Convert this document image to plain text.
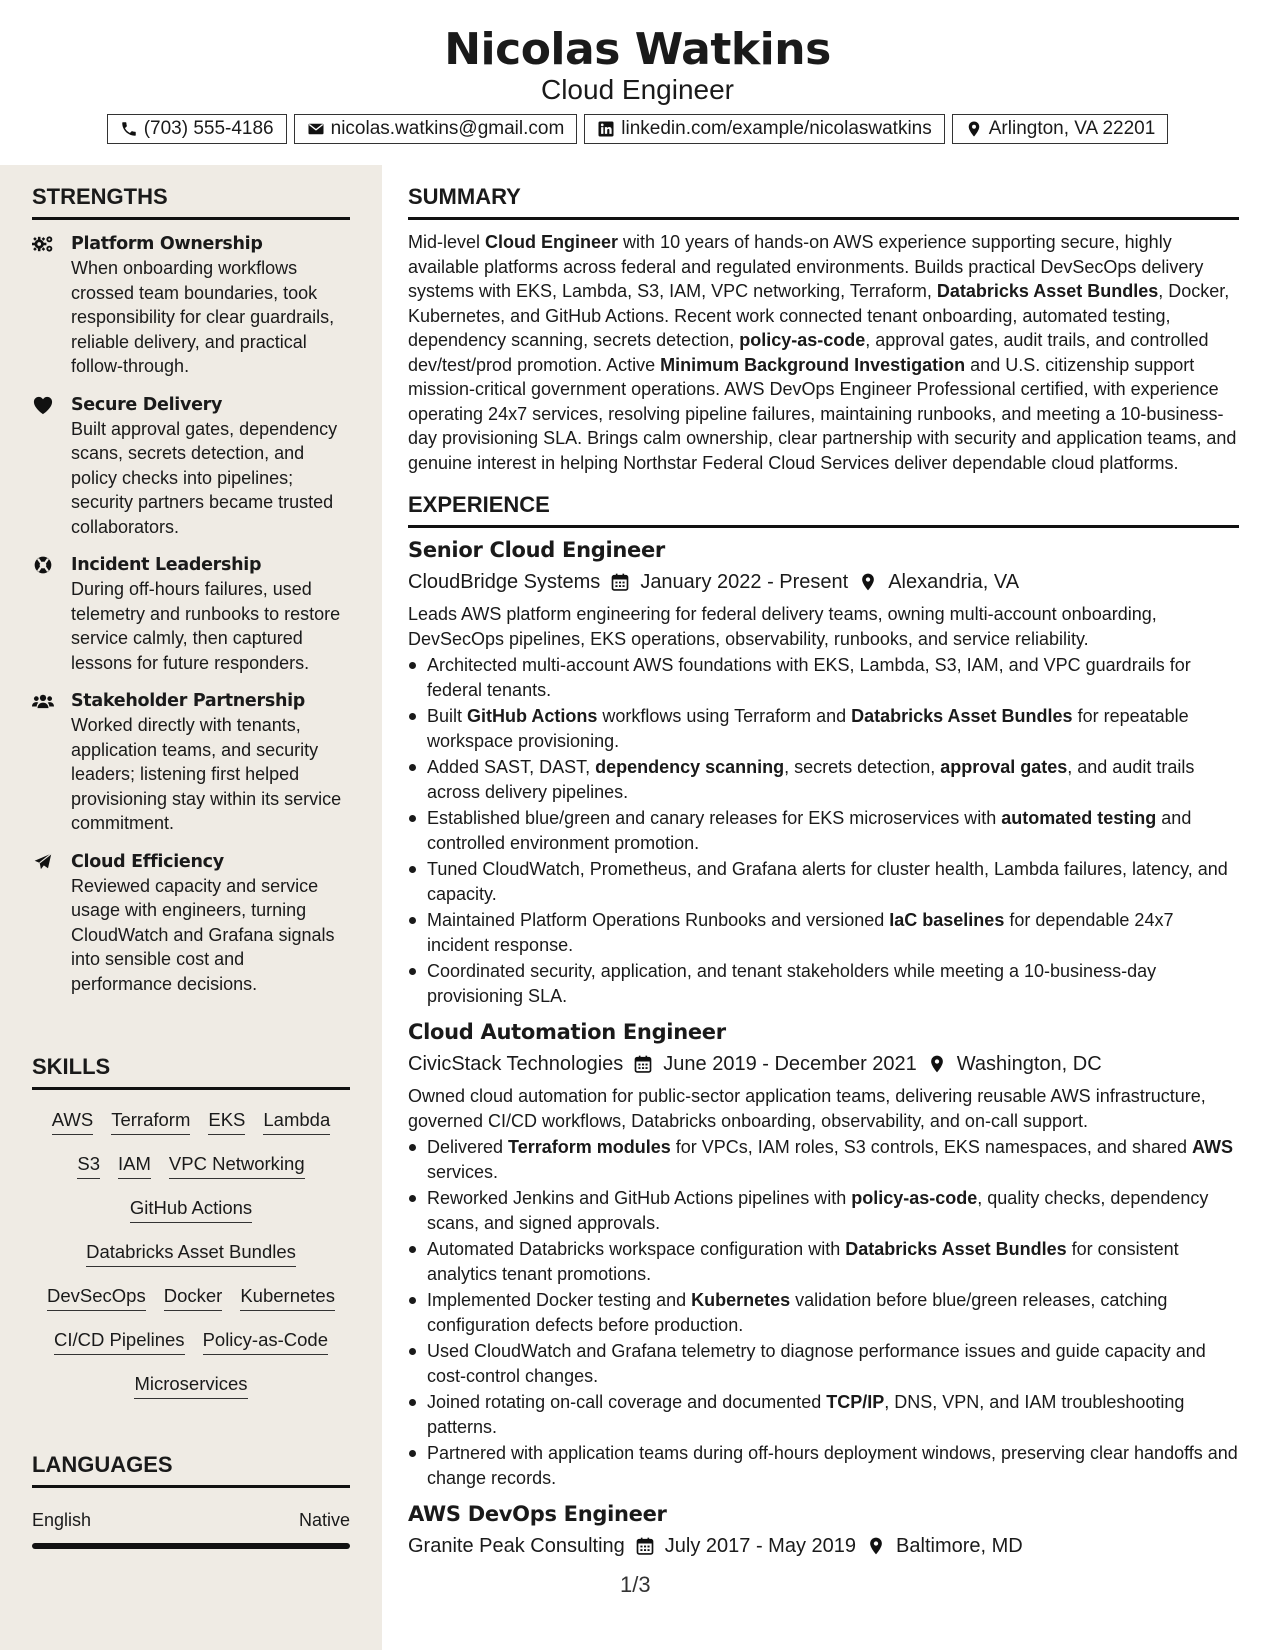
Nicolas Watkins
Cloud Engineer
(703) 555-4186	nicolas.watkins@gmail.com	linkedin.com/example/nicolaswatkins	Arlington, VA 22201
STRENGTHS
Platform Ownership
When onboarding workflows crossed team boundaries, took responsibility for clear guardrails, reliable delivery, and practical follow-through.
Secure Delivery
Built approval gates, dependency scans, secrets detection, and policy checks into pipelines; security partners became trusted collaborators.
Incident Leadership
During off-hours failures, used telemetry and runbooks to restore service calmly, then captured lessons for future responders.
Stakeholder Partnership
Worked directly with tenants, application teams, and security leaders; listening first helped provisioning stay within its service commitment.
Cloud Efficiency
Reviewed capacity and service usage with engineers, turning CloudWatch and Grafana signals into sensible cost and performance decisions.
SKILLS
AWS Terraform EKS Lambda
S3 IAM VPC Networking
GitHub Actions
Databricks Asset Bundles
DevSecOps Docker Kubernetes
CI/CD Pipelines Policy-as-Code
Microservices
LANGUAGES
English	Native
SUMMARY
Mid-level Cloud Engineer with 10 years of hands-on AWS experience supporting secure, highly available platforms across federal and regulated environments. Builds practical DevSecOps delivery systems with EKS, Lambda, S3, IAM, VPC networking, Terraform, Databricks Asset Bundles, Docker, Kubernetes, and GitHub Actions. Recent work connected tenant onboarding, automated testing, dependency scanning, secrets detection, policy-as-code, approval gates, audit trails, and controlled dev/test/prod promotion. Active Minimum Background Investigation and U.S. citizenship support mission-critical government operations. AWS DevOps Engineer Professional certified, with experience operating 24x7 services, resolving pipeline failures, maintaining runbooks, and meeting a 10-business-day provisioning SLA. Brings calm ownership, clear partnership with security and application teams, and genuine interest in helping Northstar Federal Cloud Services deliver dependable cloud platforms.
EXPERIENCE
Senior Cloud Engineer
CloudBridge Systems January 2022 - Present Alexandria, VA
Leads AWS platform engineering for federal delivery teams, owning multi-account onboarding, DevSecOps pipelines, EKS operations, observability, runbooks, and service reliability.
Architected multi-account AWS foundations with EKS, Lambda, S3, IAM, and VPC guardrails for federal tenants.
Built GitHub Actions workflows using Terraform and Databricks Asset Bundles for repeatable workspace provisioning.
Added SAST, DAST, dependency scanning, secrets detection, approval gates, and audit trails across delivery pipelines.
Established blue/green and canary releases for EKS microservices with automated testing and controlled environment promotion.
Tuned CloudWatch, Prometheus, and Grafana alerts for cluster health, Lambda failures, latency, and capacity.
Maintained Platform Operations Runbooks and versioned IaC baselines for dependable 24x7 incident response.
Coordinated security, application, and tenant stakeholders while meeting a 10-business-day provisioning SLA.
Cloud Automation Engineer
CivicStack Technologies June 2019 - December 2021 Washington, DC
Owned cloud automation for public-sector application teams, delivering reusable AWS infrastructure, governed CI/CD workflows, Databricks onboarding, observability, and on-call support.
Delivered Terraform modules for VPCs, IAM roles, S3 controls, EKS namespaces, and shared AWS services.
Reworked Jenkins and GitHub Actions pipelines with policy-as-code, quality checks, dependency scans, and signed approvals.
Automated Databricks workspace configuration with Databricks Asset Bundles for consistent analytics tenant promotions.
Implemented Docker testing and Kubernetes validation before blue/green releases, catching configuration defects before production.
Used CloudWatch and Grafana telemetry to diagnose performance issues and guide capacity and cost-control changes.
Joined rotating on-call coverage and documented TCP/IP, DNS, VPN, and IAM troubleshooting patterns.
Partnered with application teams during off-hours deployment windows, preserving clear handoffs and change records.
AWS DevOps Engineer
Granite Peak Consulting July 2017 - May 2019 Baltimore, MD
1/3
